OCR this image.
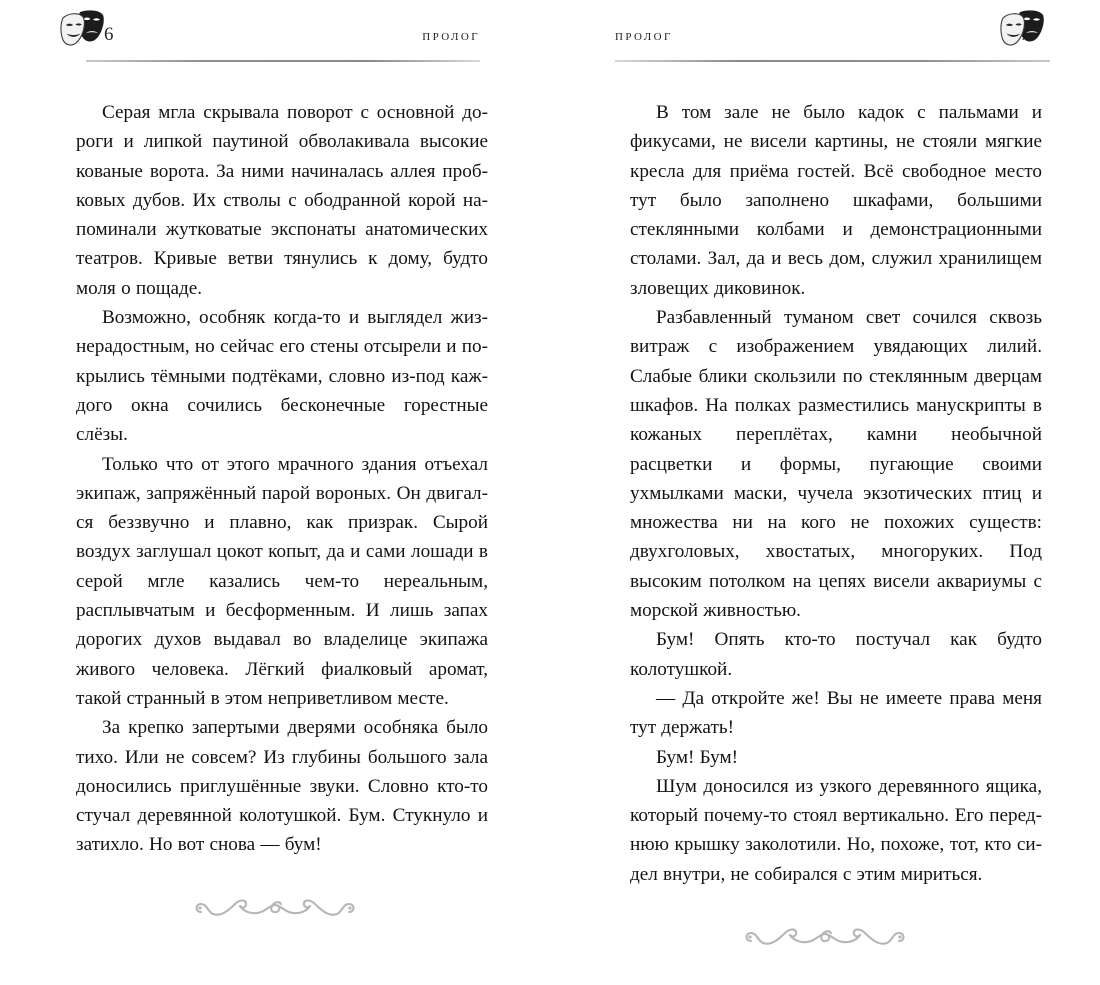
6	пролог

Серая мгла скрывала поворот с основной дороги и липкой паутиной обволакивала высокие кованые ворота. За ними начиналась аллея пробковых дубов. Их стволы с ободранной корой напоминали жутковатые экспонаты анатомических театров. Кривые ветви тянулись к дому, будто моля о пощаде.

Возможно, особняк когда-то и выглядел жизнерадостным, но сейчас его стены отсырели и покрылись тёмными подтёками, словно из-под каждого окна сочились бесконечные горестные слёзы.

Только что от этого мрачного здания отъехал экипаж, запряжённый парой вороных. Он двигался беззвучно и плавно, как призрак. Сырой воздух заглушал цокот копыт, да и сами лошади в серой мгле казались чем-то нереальным, расплывчатым и бесформенным. И лишь запах дорогих духов выдавал во владелице экипажа живого человека. Лёгкий фиалковый аромат, такой странный в этом неприветливом месте.

За крепко запертыми дверями особняка было тихо. Или не совсем? Из глубины большого зала доносились приглушённые звуки. Словно кто-то стучал деревянной колотушкой. Бум. Стукнуло и затихло. Но вот снова — бум!

пролог

В том зале не было кадок с пальмами и фикусами, не висели картины, не стояли мягкие кресла для приёма гостей. Всё свободное место тут было заполнено шкафами, большими стеклянными колбами и демонстрационными столами. Зал, да и весь дом, служил хранилищем зловещих диковинок.

Разбавленный туманом свет сочился сквозь витраж с изображением увядающих лилий. Слабые блики скользили по стеклянным дверцам шкафов. На полках разместились манускрипты в кожаных переплётах, камни необычной расцветки и формы, пугающие своими ухмылками маски, чучела экзотических птиц и множества ни на кого не похожих существ: двухголовых, хвостатых, многоруких. Под высоким потолком на цепях висели аквариумы с морской живностью.

Бум! Опять кто-то постучал как будто колотушкой.

— Да откройте же! Вы не имеете права меня тут держать!

Бум! Бум!

Шум доносился из узкого деревянного ящика, который почему-то стоял вертикально. Его переднюю крышку заколотили. Но, похоже, тот, кто сидел внутри, не собирался с этим мириться.
